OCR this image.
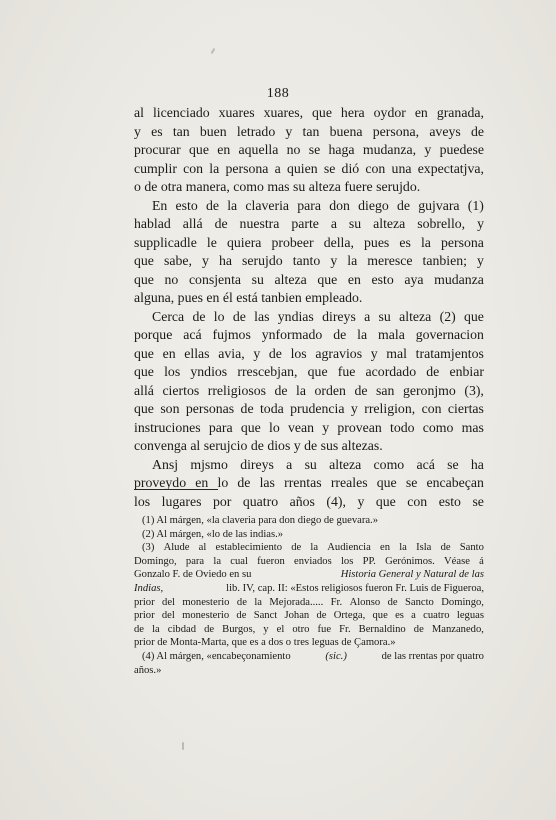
188
al licenciado xuares xuares, que hera oydor en granada,
y es tan buen letrado y tan buena persona, aveys de
procurar que en aquella no se haga mudanza, y puedese
cumplir con la persona a quien se dió con una expectatjva,
o de otra manera, como mas su alteza fuere serujdo.
En esto de la claveria para don diego de gujvara (1)
hablad allá de nuestra parte a su alteza sobrello, y
supplicadle le quiera probeer della, pues es la persona
que sabe, y ha serujdo tanto y la meresce tanbien; y
que no consjenta su alteza que en esto aya mudanza
alguna, pues en él está tanbien empleado.
Cerca de lo de las yndias direys a su alteza (2) que
porque acá fujmos ynformado de la mala governacion
que en ellas avia, y de los agravios y mal tratamjentos
que los yndios rrescebjan, que fue acordado de enbiar
allá ciertos rreligiosos de la orden de san geronjmo (3),
que son personas de toda prudencia y rreligion, con ciertas
instruciones para que lo vean y provean todo como mas
convenga al serujcio de dios y de sus altezas.
Ansj mjsmo direys a su alteza como acá se ha
proveydo en lo de las rrentas rreales que se encabeçan
los lugares por quatro años (4), y que con esto se
(1) Al márgen, «la claveria para don diego de guevara.»
(2) Al márgen, «lo de las indias.»
(3) Alude al establecimiento de la Audiencia en la Isla de Santo
Domingo, para la cual fueron enviados los PP. Gerónimos. Véase á
Gonzalo F. de Oviedo en su	Historia General y Natural de las
Indias,	lib. IV, cap. II: «Estos religiosos fueron Fr. Luis de Figueroa,
prior del monesterio de la Mejorada..... Fr. Alonso de Sancto Domingo,
prior del monesterio de Sanct Johan de Ortega, que es a cuatro leguas
de la cibdad de Burgos, y el otro fue Fr. Bernaldino de Manzanedo,
prior de Monta-Marta, que es a dos o tres leguas de Çamora.»
(4) Al márgen, «encabeçonamiento	(sic.)	de las rrentas por quatro
años.»
